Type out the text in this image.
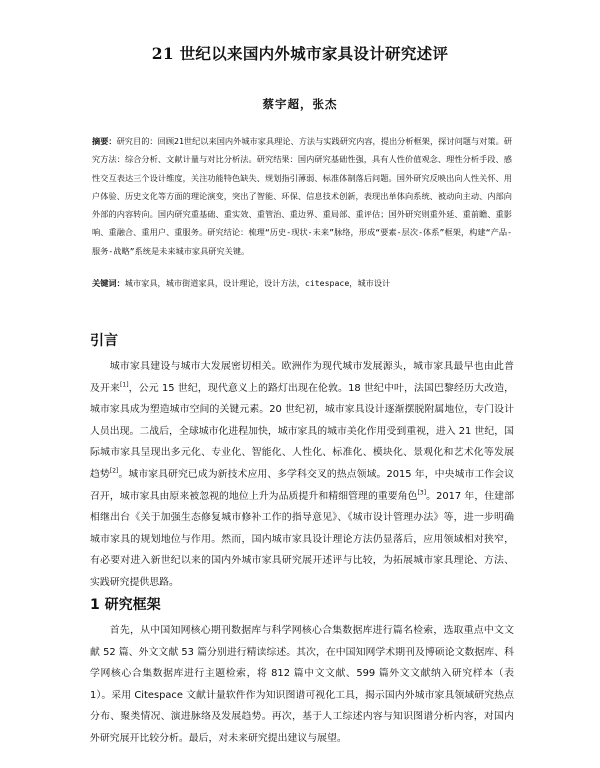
21 世纪以来国内外城市家具设计研究述评
蔡宇超，张杰
摘要：研究目的：回顾21世纪以来国内外城市家具理论、方法与实践研究内容，提出分析框架，探讨问题与对策。研究方法：综合分析、文献计量与对比分析法。研究结果：国内研究基础性强，具有人性价值观念、理性分析手段、感性交互表达三个设计维度，关注功能特色缺失、规划指引薄弱、标准体制落后问题。国外研究反映出向人性关怀、用户体验、历史文化等方面的理论演变，突出了智能、环保、信息技术创新，表现出单体向系统、被动向主动、内部向外部的内容转向。国内研究重基础、重实效、重管治、重边界、重局部、重评估；国外研究则重外延、重前瞻、重影响、重融合、重用户、重服务。研究结论：梳理“历史-现状-未来”脉络，形成“要素-层次-体系”框架，构建“产品-服务-战略”系统是未来城市家具研究关键。
关键词：城市家具，城市街道家具，设计理论，设计方法，citespace，城市设计
引言

城市家具建设与城市大发展密切相关。欧洲作为现代城市发展源头，城市家具最早也由此普及开来[1]，公元 15 世纪，现代意义上的路灯出现在伦敦。18 世纪中叶，法国巴黎经历大改造，城市家具成为塑造城市空间的关键元素。20 世纪初，城市家具设计逐渐摆脱附属地位，专门设计人员出现。二战后，全球城市化进程加快，城市家具的城市美化作用受到重视，进入 21 世纪，国际城市家具呈现出多元化、专业化、智能化、人性化、标准化、模块化、景观化和艺术化等发展趋势[2]。城市家具研究已成为新技术应用、多学科交叉的热点领域。2015 年，中央城市工作会议召开，城市家具由原来被忽视的地位上升为品质提升和精细管理的重要角色[3]。2017 年，住建部相继出台《关于加强生态修复城市修补工作的指导意见》、《城市设计管理办法》等，进一步明确城市家具的规划地位与作用。然而，国内城市家具设计理论方法仍显落后，应用领域相对狭窄，有必要对进入新世纪以来的国内外城市家具研究展开述评与比较，为拓展城市家具理论、方法、实践研究提供思路。

1 研究框架

首先，从中国知网核心期刊数据库与科学网核心合集数据库进行篇名检索，选取重点中文文献 52 篇、外文文献 53 篇分别进行精读综述。其次，在中国知网学术期刊及博硕论文数据库、科学网核心合集数据库进行主题检索，将 812 篇中文文献、599 篇外文文献纳入研究样本（表 1）。采用 Citespace 文献计量软件作为知识图谱可视化工具，揭示国内外城市家具领域研究热点分布、聚类情况、演进脉络及发展趋势。再次，基于人工综述内容与知识图谱分析内容，对国内外研究展开比较分析。最后，对未来研究提出建议与展望。
